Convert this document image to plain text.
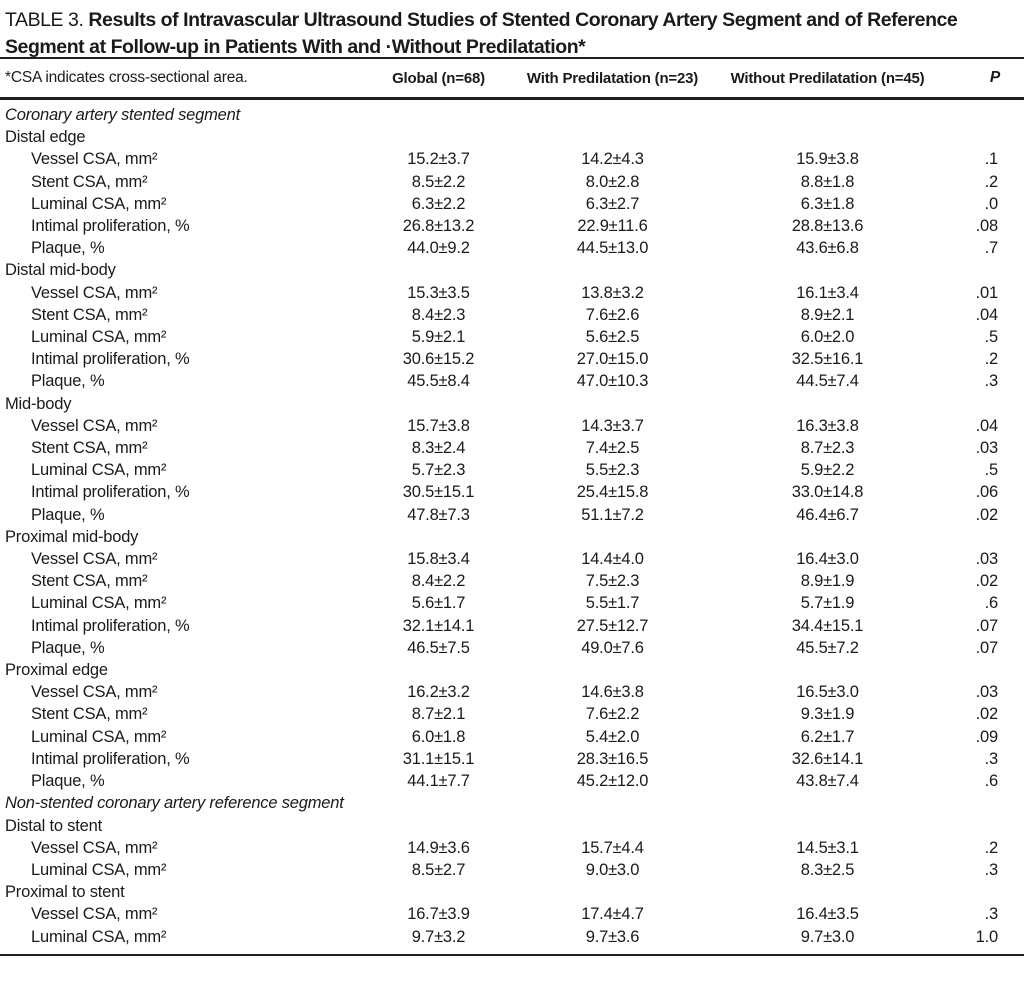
TABLE 3. Results of Intravascular Ultrasound Studies of Stented Coronary Artery Segment and of Reference Segment at Follow-up in Patients With and ·Without Predilatation*
	Global (n=68)	With Predilatation (n=23)	Without Predilatation (n=45)	P
Coronary artery stented segment				
Distal edge				
Vessel CSA, mm²	15.2±3.7	14.2±4.3	15.9±3.8	.1
Stent CSA, mm²	8.5±2.2	8.0±2.8	8.8±1.8	.2
Luminal CSA, mm²	6.3±2.2	6.3±2.7	6.3±1.8	.0
Intimal proliferation, %	26.8±13.2	22.9±11.6	28.8±13.6	.08
Plaque, %	44.0±9.2	44.5±13.0	43.6±6.8	.7
Distal mid-body				
Vessel CSA, mm²	15.3±3.5	13.8±3.2	16.1±3.4	.01
Stent CSA, mm²	8.4±2.3	7.6±2.6	8.9±2.1	.04
Luminal CSA, mm²	5.9±2.1	5.6±2.5	6.0±2.0	.5
Intimal proliferation, %	30.6±15.2	27.0±15.0	32.5±16.1	.2
Plaque, %	45.5±8.4	47.0±10.3	44.5±7.4	.3
Mid-body				
Vessel CSA, mm²	15.7±3.8	14.3±3.7	16.3±3.8	.04
Stent CSA, mm²	8.3±2.4	7.4±2.5	8.7±2.3	.03
Luminal CSA, mm²	5.7±2.3	5.5±2.3	5.9±2.2	.5
Intimal proliferation, %	30.5±15.1	25.4±15.8	33.0±14.8	.06
Plaque, %	47.8±7.3	51.1±7.2	46.4±6.7	.02
Proximal mid-body				
Vessel CSA, mm²	15.8±3.4	14.4±4.0	16.4±3.0	.03
Stent CSA, mm²	8.4±2.2	7.5±2.3	8.9±1.9	.02
Luminal CSA, mm²	5.6±1.7	5.5±1.7	5.7±1.9	.6
Intimal proliferation, %	32.1±14.1	27.5±12.7	34.4±15.1	.07
Plaque, %	46.5±7.5	49.0±7.6	45.5±7.2	.07
Proximal edge				
Vessel CSA, mm²	16.2±3.2	14.6±3.8	16.5±3.0	.03
Stent CSA, mm²	8.7±2.1	7.6±2.2	9.3±1.9	.02
Luminal CSA, mm²	6.0±1.8	5.4±2.0	6.2±1.7	.09
Intimal proliferation, %	31.1±15.1	28.3±16.5	32.6±14.1	.3
Plaque, %	44.1±7.7	45.2±12.0	43.8±7.4	.6
Non-stented coronary artery reference segment				
Distal to stent				
Vessel CSA, mm²	14.9±3.6	15.7±4.4	14.5±3.1	.2
Luminal CSA, mm²	8.5±2.7	9.0±3.0	8.3±2.5	.3
Proximal to stent				
Vessel CSA, mm²	16.7±3.9	17.4±4.7	16.4±3.5	.3
Luminal CSA, mm²	9.7±3.2	9.7±3.6	9.7±3.0	1.0
*CSA indicates cross-sectional area.
